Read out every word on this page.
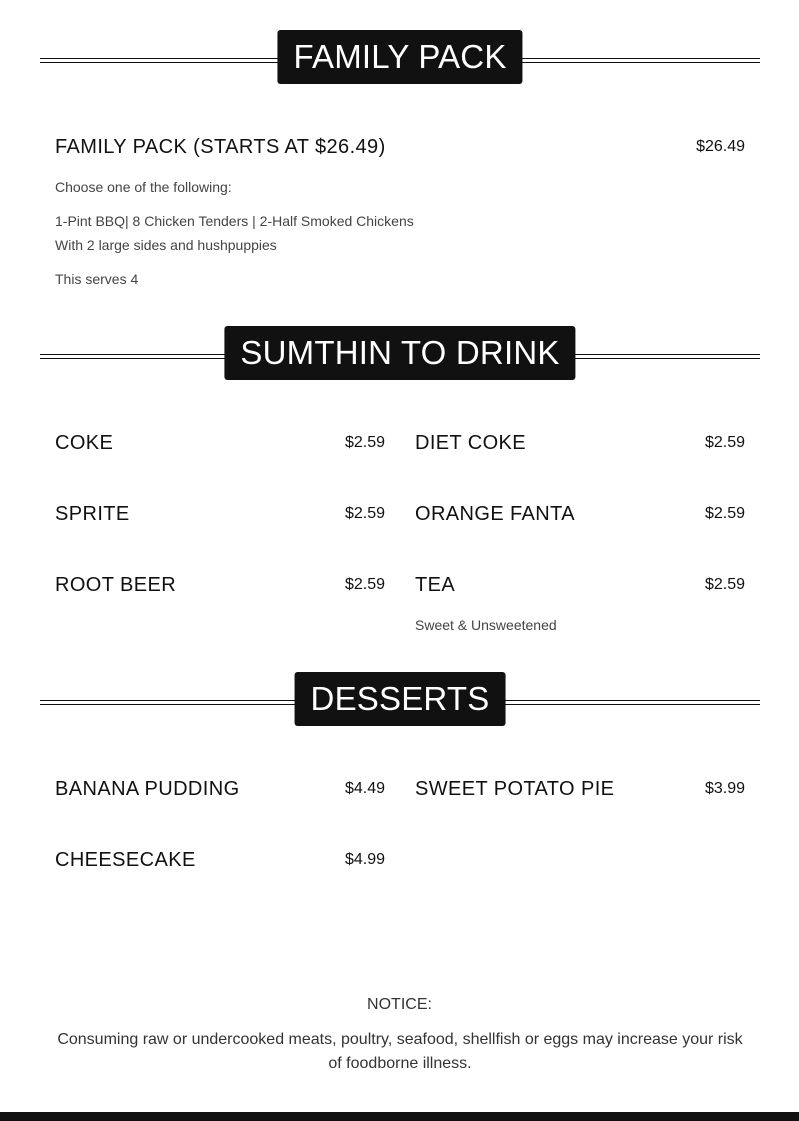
FAMILY PACK
FAMILY PACK (STARTS AT $26.49)	$26.49
Choose one of the following:
1-Pint BBQ| 8 Chicken Tenders | 2-Half Smoked Chickens
With 2 large sides and hushpuppies
This serves 4
SUMTHIN TO DRINK
COKE	$2.59 DIET COKE	$2.59
SPRITE	$2.59 ORANGE FANTA	$2.59
ROOT BEER	$2.59 TEA	$2.59
Sweet & Unsweetened
DESSERTS
BANANA PUDDING	$4.49 SWEET POTATO PIE	$3.99
CHEESECAKE	$4.99
NOTICE:
Consuming raw or undercooked meats, poultry, seafood, shellfish or eggs may increase your risk of foodborne illness.
